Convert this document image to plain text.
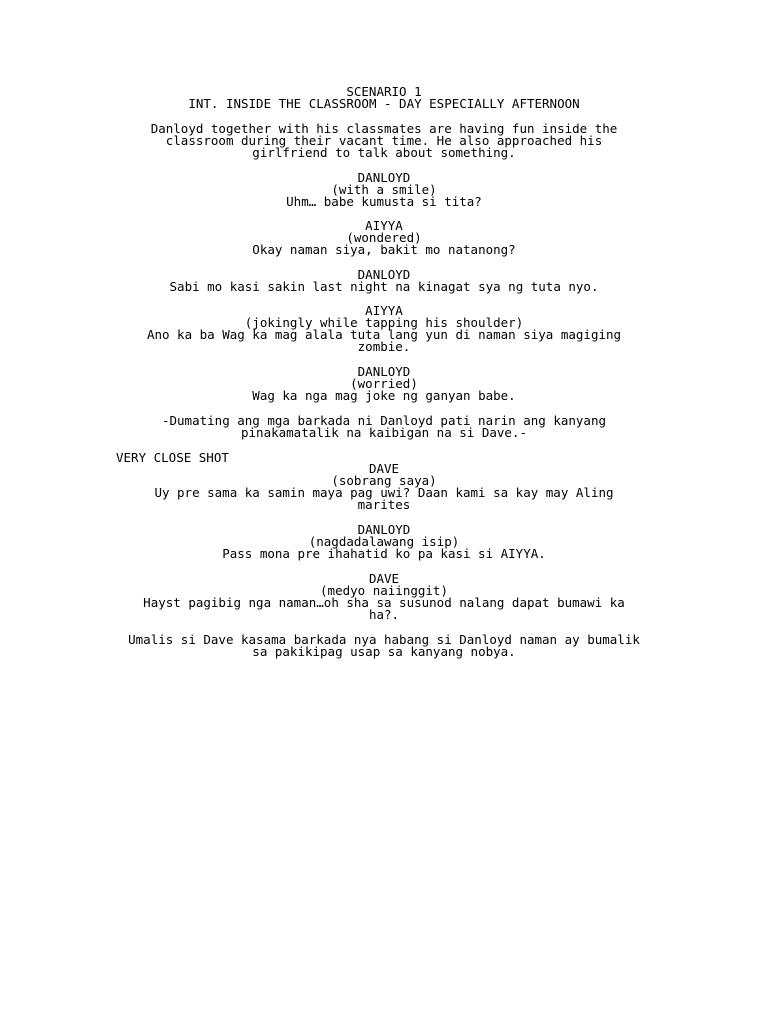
SCENARIO 1

INT. INSIDE THE CLASSROOM - DAY ESPECIALLY AFTERNOON

Danloyd together with his classmates are having fun inside the

classroom during their vacant time. He also approached his

girlfriend to talk about something.

DANLOYD

(with a smile)

Uhm… babe kumusta si tita?

AIYYA

(wondered)

Okay naman siya, bakit mo natanong?

DANLOYD

Sabi mo kasi sakin last night na kinagat sya ng tuta nyo.

AIYYA

(jokingly while tapping his shoulder)

Ano ka ba Wag ka mag alala tuta lang yun di naman siya magiging

zombie.

DANLOYD

(worried)

Wag ka nga mag joke ng ganyan babe.

-Dumating ang mga barkada ni Danloyd pati narin ang kanyang

pinakamatalik na kaibigan na si Dave.-

VERY CLOSE SHOT

DAVE

(sobrang saya)

Uy pre sama ka samin maya pag uwi? Daan kami sa kay may Aling

marites

DANLOYD

(nagdadalawang isip)

Pass mona pre ihahatid ko pa kasi si AIYYA.

DAVE

(medyo naiinggit)

Hayst pagibig nga naman…oh sha sa susunod nalang dapat bumawi ka

ha?.

Umalis si Dave kasama barkada nya habang si Danloyd naman ay bumalik

sa pakikipag usap sa kanyang nobya.
